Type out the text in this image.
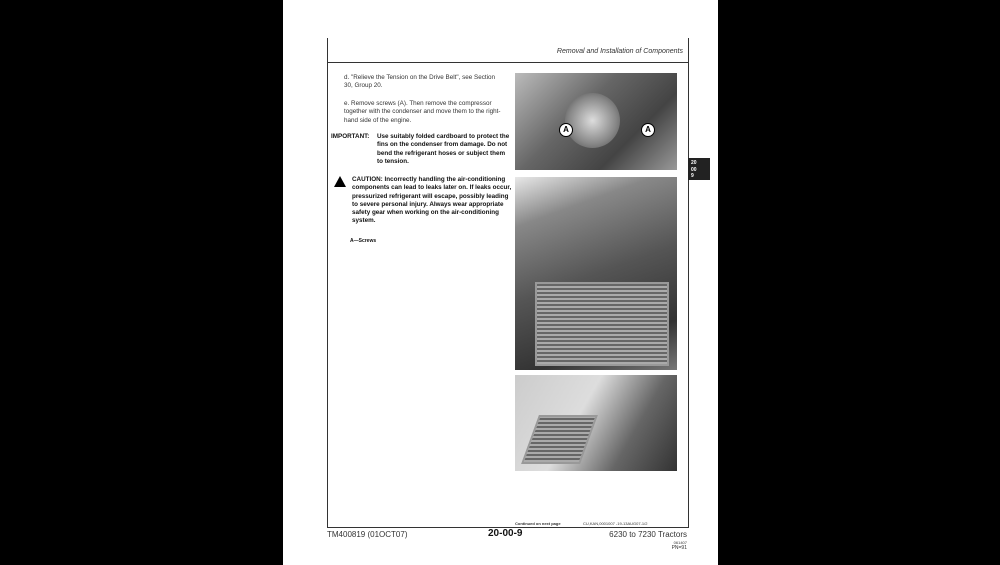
Removal and Installation of Components
d. "Relieve the Tension on the Drive Belt", see Section 30, Group 20.
e. Remove screws (A). Then remove the compressor together with the condenser and move them to the right-hand side of the engine.
IMPORTANT: Use suitably folded cardboard to protect the fins on the condenser from damage. Do not bend the refrigerant hoses or subject them to tension.
CAUTION: Incorrectly handling the air-conditioning components can lead to leaks later on. If leaks occur, pressurized refrigerant will escape, possibly leading to severe personal injury. Always wear appropriate safety gear when working on the air-conditioning system.
A—Screws
A	A
20
00
9
Continued on next page	CU,KAN,0001007 -19-13AUG07-1/2
TM400819 (01OCT07)	20-00-9	6230 to 7230 Tractors
061407
PN=91
